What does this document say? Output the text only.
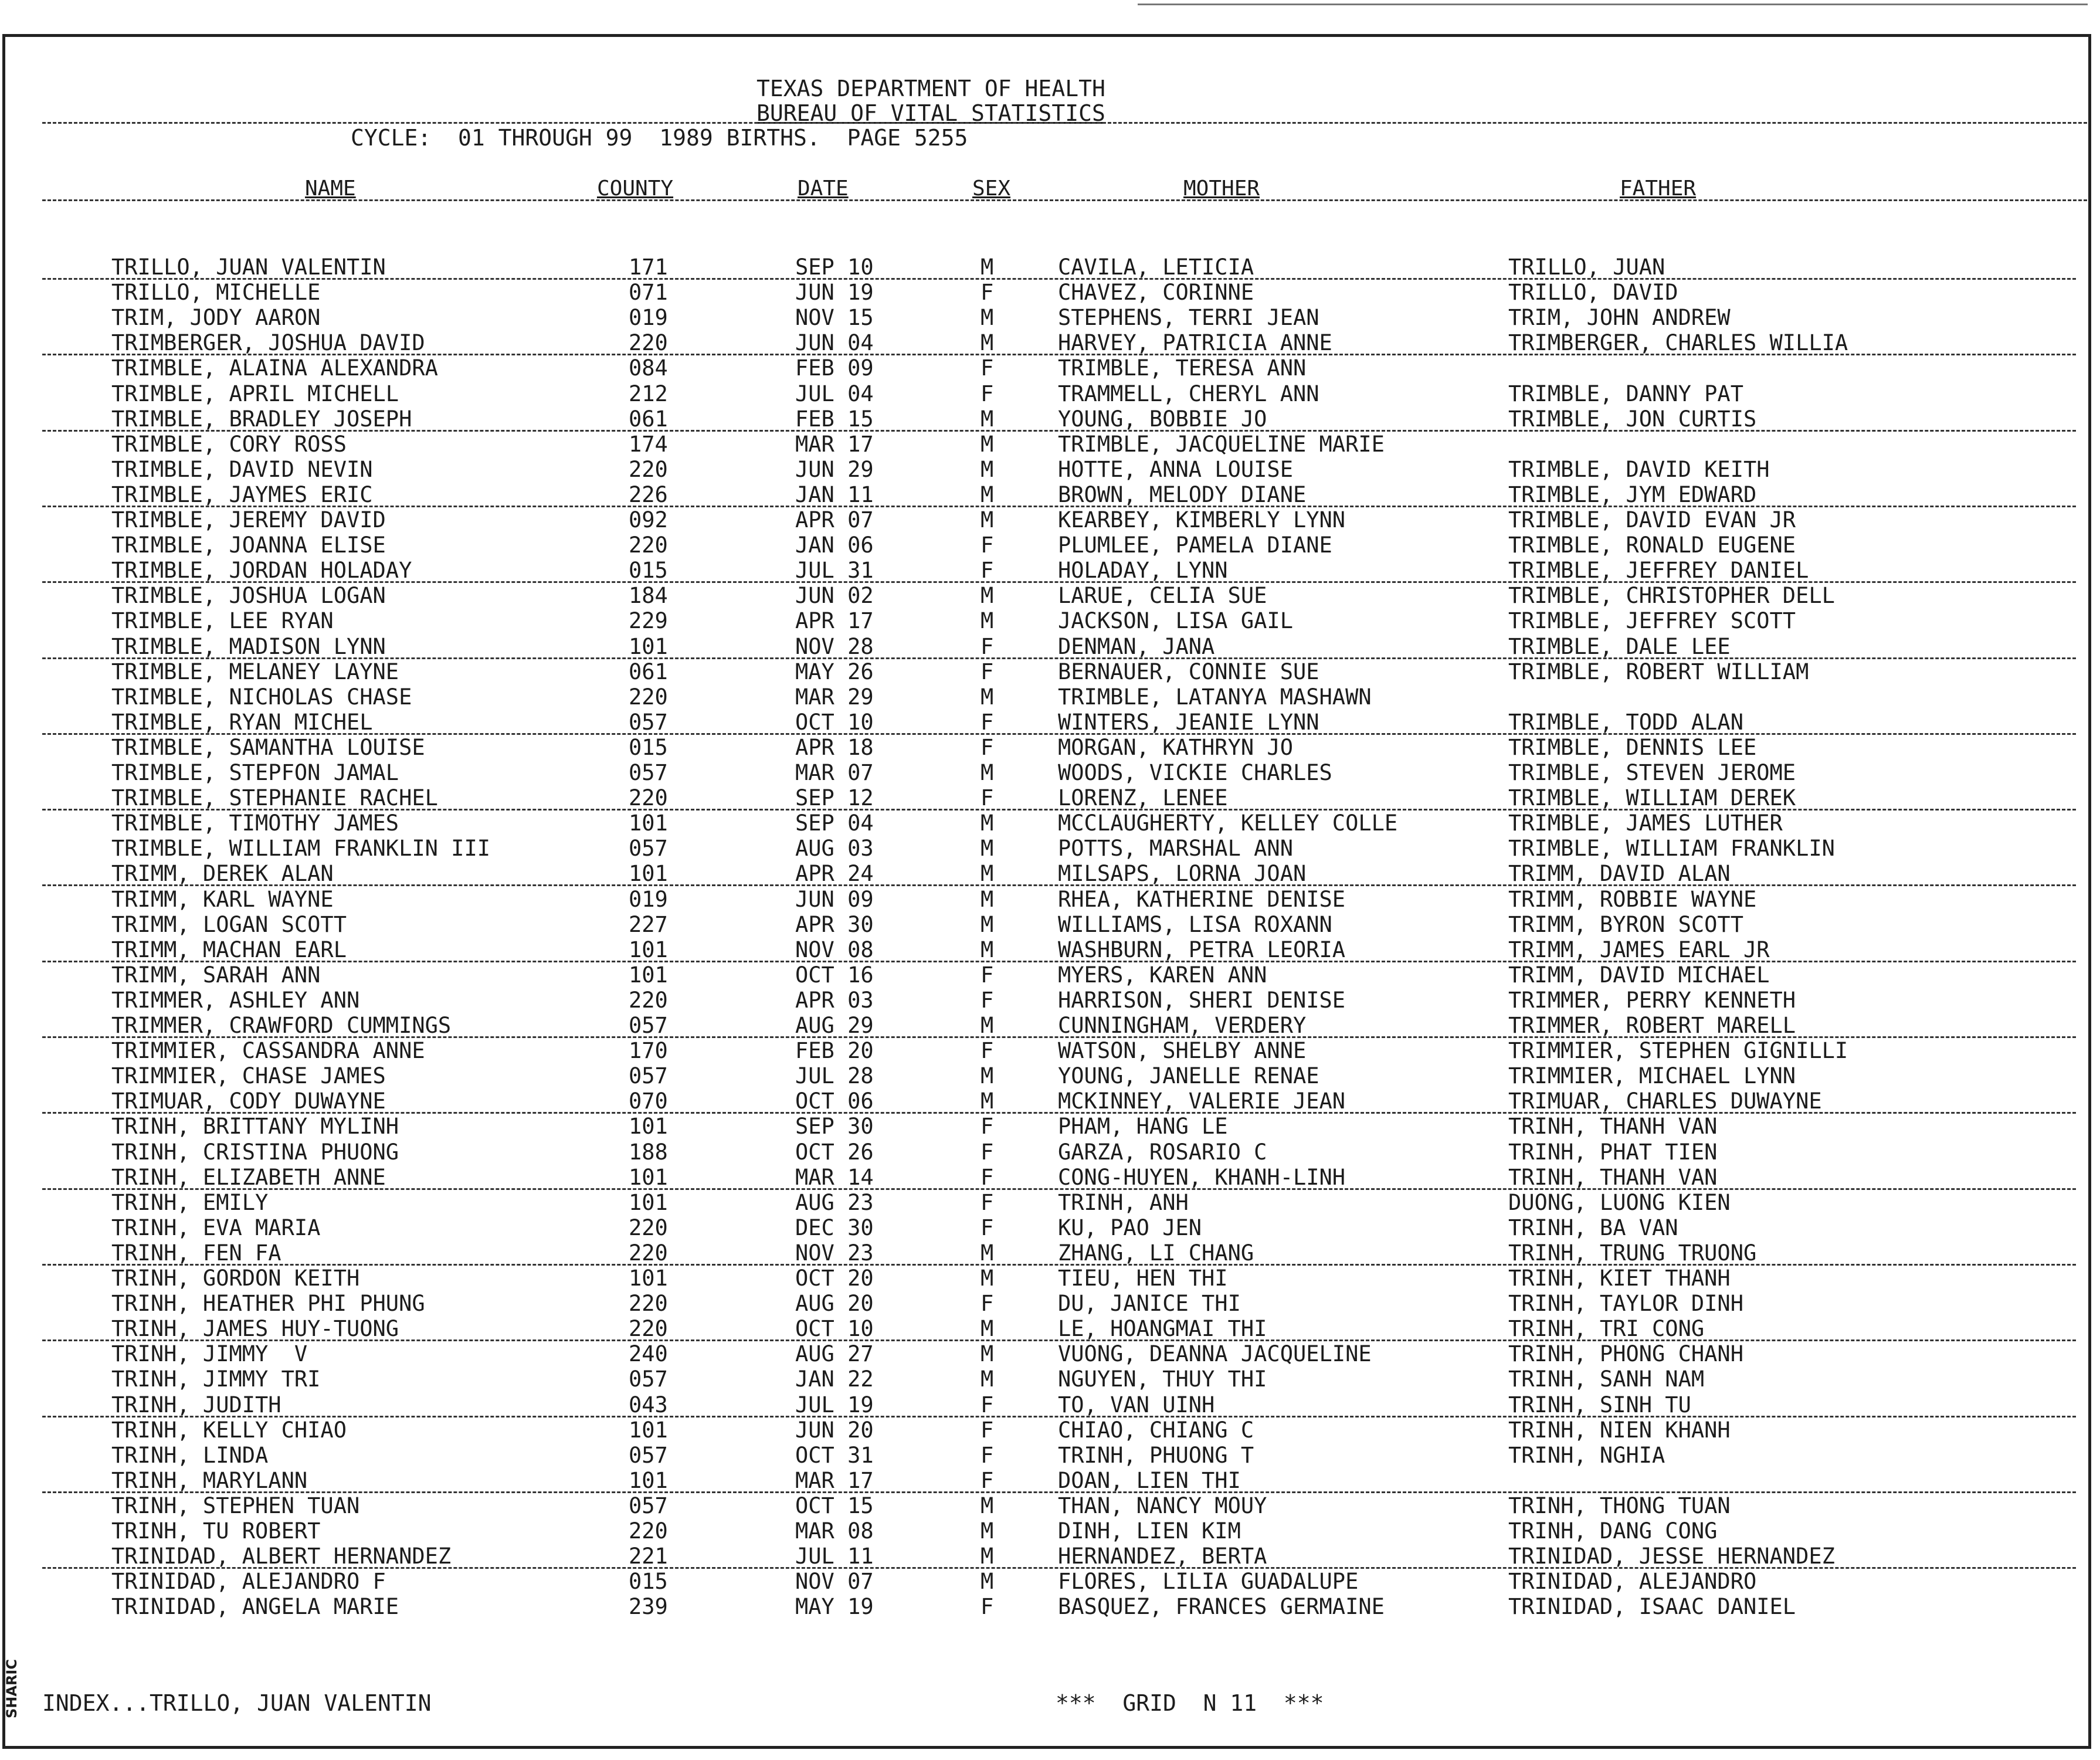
TEXAS DEPARTMENT OF HEALTH
BUREAU OF VITAL STATISTICS
CYCLE:  01 THROUGH 99  1989 BIRTHS.  PAGE 5255
NAME	COUNTY	DATE	SEX	MOTHER	FATHER
TRILLO, JUAN VALENTIN	171	SEP 10	M	CAVILA, LETICIA	TRILLO, JUAN
TRILLO, MICHELLE	071	JUN 19	F	CHAVEZ, CORINNE	TRILLO, DAVID
TRIM, JODY AARON	019	NOV 15	M	STEPHENS, TERRI JEAN	TRIM, JOHN ANDREW
TRIMBERGER, JOSHUA DAVID	220	JUN 04	M	HARVEY, PATRICIA ANNE	TRIMBERGER, CHARLES WILLIA
TRIMBLE, ALAINA ALEXANDRA	084	FEB 09	F	TRIMBLE, TERESA ANN
TRIMBLE, APRIL MICHELL	212	JUL 04	F	TRAMMELL, CHERYL ANN	TRIMBLE, DANNY PAT
TRIMBLE, BRADLEY JOSEPH	061	FEB 15	M	YOUNG, BOBBIE JO	TRIMBLE, JON CURTIS
TRIMBLE, CORY ROSS	174	MAR 17	M	TRIMBLE, JACQUELINE MARIE
TRIMBLE, DAVID NEVIN	220	JUN 29	M	HOTTE, ANNA LOUISE	TRIMBLE, DAVID KEITH
TRIMBLE, JAYMES ERIC	226	JAN 11	M	BROWN, MELODY DIANE	TRIMBLE, JYM EDWARD
TRIMBLE, JEREMY DAVID	092	APR 07	M	KEARBEY, KIMBERLY LYNN	TRIMBLE, DAVID EVAN JR
TRIMBLE, JOANNA ELISE	220	JAN 06	F	PLUMLEE, PAMELA DIANE	TRIMBLE, RONALD EUGENE
TRIMBLE, JORDAN HOLADAY	015	JUL 31	F	HOLADAY, LYNN	TRIMBLE, JEFFREY DANIEL
TRIMBLE, JOSHUA LOGAN	184	JUN 02	M	LARUE, CELIA SUE	TRIMBLE, CHRISTOPHER DELL
TRIMBLE, LEE RYAN	229	APR 17	M	JACKSON, LISA GAIL	TRIMBLE, JEFFREY SCOTT
TRIMBLE, MADISON LYNN	101	NOV 28	F	DENMAN, JANA	TRIMBLE, DALE LEE
TRIMBLE, MELANEY LAYNE	061	MAY 26	F	BERNAUER, CONNIE SUE	TRIMBLE, ROBERT WILLIAM
TRIMBLE, NICHOLAS CHASE	220	MAR 29	M	TRIMBLE, LATANYA MASHAWN
TRIMBLE, RYAN MICHEL	057	OCT 10	F	WINTERS, JEANIE LYNN	TRIMBLE, TODD ALAN
TRIMBLE, SAMANTHA LOUISE	015	APR 18	F	MORGAN, KATHRYN JO	TRIMBLE, DENNIS LEE
TRIMBLE, STEPFON JAMAL	057	MAR 07	M	WOODS, VICKIE CHARLES	TRIMBLE, STEVEN JEROME
TRIMBLE, STEPHANIE RACHEL	220	SEP 12	F	LORENZ, LENEE	TRIMBLE, WILLIAM DEREK
TRIMBLE, TIMOTHY JAMES	101	SEP 04	M	MCCLAUGHERTY, KELLEY COLLE	TRIMBLE, JAMES LUTHER
TRIMBLE, WILLIAM FRANKLIN III	057	AUG 03	M	POTTS, MARSHAL ANN	TRIMBLE, WILLIAM FRANKLIN
TRIMM, DEREK ALAN	101	APR 24	M	MILSAPS, LORNA JOAN	TRIMM, DAVID ALAN
TRIMM, KARL WAYNE	019	JUN 09	M	RHEA, KATHERINE DENISE	TRIMM, ROBBIE WAYNE
TRIMM, LOGAN SCOTT	227	APR 30	M	WILLIAMS, LISA ROXANN	TRIMM, BYRON SCOTT
TRIMM, MACHAN EARL	101	NOV 08	M	WASHBURN, PETRA LEORIA	TRIMM, JAMES EARL JR
TRIMM, SARAH ANN	101	OCT 16	F	MYERS, KAREN ANN	TRIMM, DAVID MICHAEL
TRIMMER, ASHLEY ANN	220	APR 03	F	HARRISON, SHERI DENISE	TRIMMER, PERRY KENNETH
TRIMMER, CRAWFORD CUMMINGS	057	AUG 29	M	CUNNINGHAM, VERDERY	TRIMMER, ROBERT MARELL
TRIMMIER, CASSANDRA ANNE	170	FEB 20	F	WATSON, SHELBY ANNE	TRIMMIER, STEPHEN GIGNILLI
TRIMMIER, CHASE JAMES	057	JUL 28	M	YOUNG, JANELLE RENAE	TRIMMIER, MICHAEL LYNN
TRIMUAR, CODY DUWAYNE	070	OCT 06	M	MCKINNEY, VALERIE JEAN	TRIMUAR, CHARLES DUWAYNE
TRINH, BRITTANY MYLINH	101	SEP 30	F	PHAM, HANG LE	TRINH, THANH VAN
TRINH, CRISTINA PHUONG	188	OCT 26	F	GARZA, ROSARIO C	TRINH, PHAT TIEN
TRINH, ELIZABETH ANNE	101	MAR 14	F	CONG-HUYEN, KHANH-LINH	TRINH, THANH VAN
TRINH, EMILY	101	AUG 23	F	TRINH, ANH	DUONG, LUONG KIEN
TRINH, EVA MARIA	220	DEC 30	F	KU, PAO JEN	TRINH, BA VAN
TRINH, FEN FA	220	NOV 23	M	ZHANG, LI CHANG	TRINH, TRUNG TRUONG
TRINH, GORDON KEITH	101	OCT 20	M	TIEU, HEN THI	TRINH, KIET THANH
TRINH, HEATHER PHI PHUNG	220	AUG 20	F	DU, JANICE THI	TRINH, TAYLOR DINH
TRINH, JAMES HUY-TUONG	220	OCT 10	M	LE, HOANGMAI THI	TRINH, TRI CONG
TRINH, JIMMY  V	240	AUG 27	M	VUONG, DEANNA JACQUELINE	TRINH, PHONG CHANH
TRINH, JIMMY TRI	057	JAN 22	M	NGUYEN, THUY THI	TRINH, SANH NAM
TRINH, JUDITH	043	JUL 19	F	TO, VAN UINH	TRINH, SINH TU
TRINH, KELLY CHIAO	101	JUN 20	F	CHIAO, CHIANG C	TRINH, NIEN KHANH
TRINH, LINDA	057	OCT 31	F	TRINH, PHUONG T	TRINH, NGHIA
TRINH, MARYLANN	101	MAR 17	F	DOAN, LIEN THI
TRINH, STEPHEN TUAN	057	OCT 15	M	THAN, NANCY MOUY	TRINH, THONG TUAN
TRINH, TU ROBERT	220	MAR 08	M	DINH, LIEN KIM	TRINH, DANG CONG
TRINIDAD, ALBERT HERNANDEZ	221	JUL 11	M	HERNANDEZ, BERTA	TRINIDAD, JESSE HERNANDEZ
TRINIDAD, ALEJANDRO F	015	NOV 07	M	FLORES, LILIA GUADALUPE	TRINIDAD, ALEJANDRO
TRINIDAD, ANGELA MARIE	239	MAY 19	F	BASQUEZ, FRANCES GERMAINE	TRINIDAD, ISAAC DANIEL
INDEX...TRILLO, JUAN VALENTIN	***  GRID  N 11  ***
SHARIC
